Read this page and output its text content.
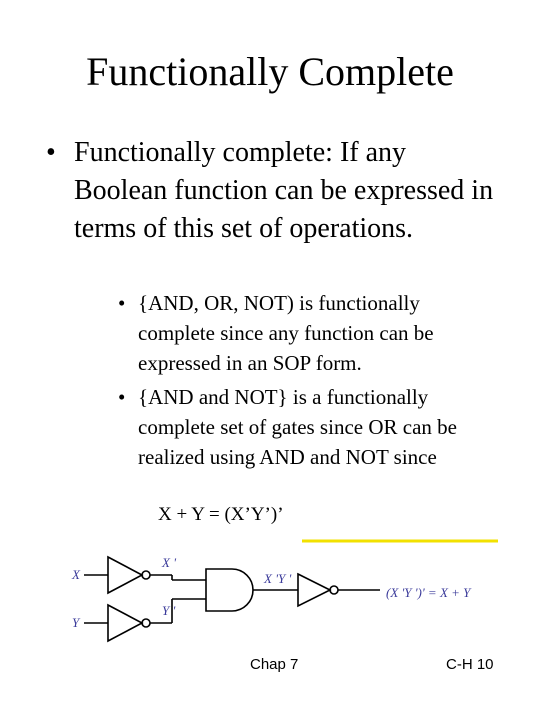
Functionally Complete
• Functionally complete: If any Boolean function can be expressed in terms of this set of operations.
• {AND, OR, NOT) is functionally complete since any function can be expressed in an SOP form.
• {AND and NOT} is a functionally complete set of gates since OR can be realized using AND and NOT since
X + Y = (X’Y’)’
X
Y
X '
Y '
X 'Y '
(X 'Y ')' = X + Y
Chap 7	C-H 10
